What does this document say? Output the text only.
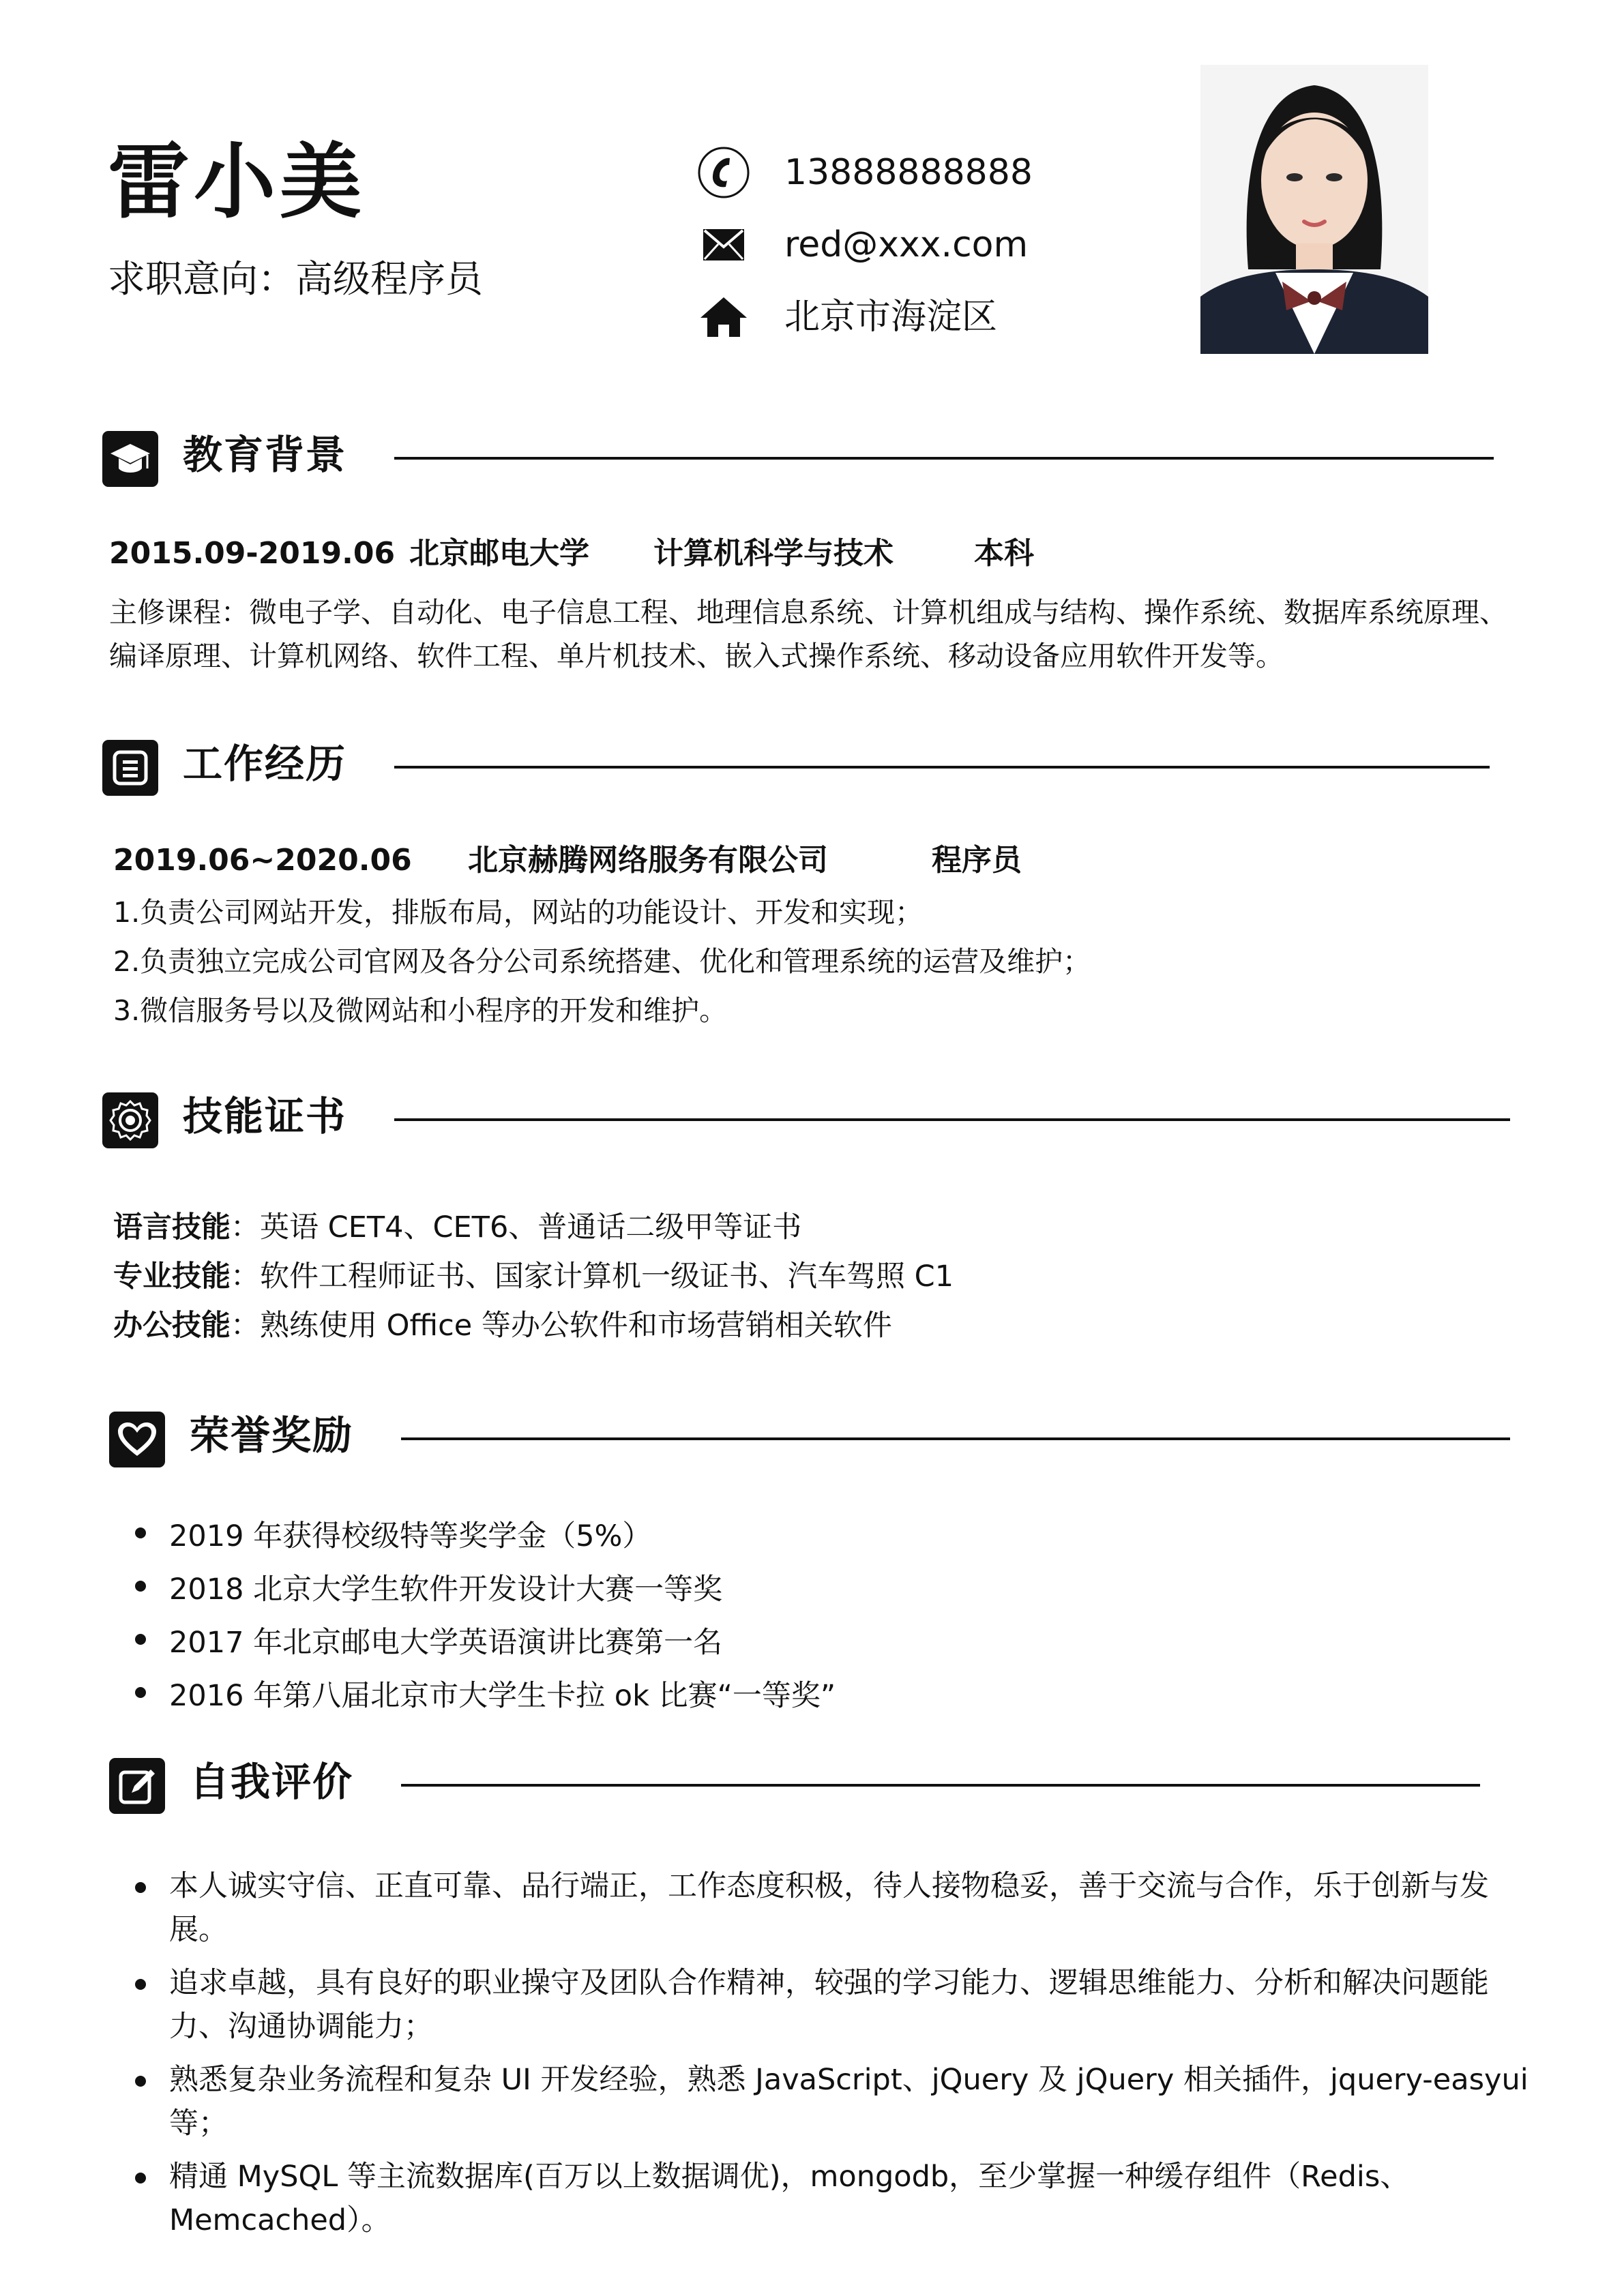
雷小美
求职意向：高级程序员
13888888888
red@xxx.com
北京市海淀区
教育背景
2015.09-2019.06 北京邮电大学	计算机科学与技术	本科
主修课程：微电子学、自动化、电子信息工程、地理信息系统、计算机组成与结构、操作系统、数据库系统原理、
编译原理、计算机网络、软件工程、单片机技术、嵌入式操作系统、移动设备应用软件开发等。
工作经历
2019.06~2020.06	北京赫腾网络服务有限公司	程序员
1.负责公司网站开发，排版布局，网站的功能设计、开发和实现；
2.负责独立完成公司官网及各分公司系统搭建、优化和管理系统的运营及维护；
3.微信服务号以及微网站和小程序的开发和维护。
技能证书
语言技能：英语 CET4、CET6、普通话二级甲等证书
专业技能：软件工程师证书、国家计算机一级证书、汽车驾照 C1
办公技能：熟练使用 Office 等办公软件和市场营销相关软件
荣誉奖励
2019 年获得校级特等奖学金（5%）
2018 北京大学生软件开发设计大赛一等奖
2017 年北京邮电大学英语演讲比赛第一名
2016 年第八届北京市大学生卡拉 ok 比赛“一等奖”
自我评价
本人诚实守信、正直可靠、品行端正，工作态度积极，待人接物稳妥，善于交流与合作，乐于创新与发
展。
追求卓越，具有良好的职业操守及团队合作精神，较强的学习能力、逻辑思维能力、分析和解决问题能
力、沟通协调能力；
熟悉复杂业务流程和复杂 UI 开发经验，熟悉 JavaScript、jQuery 及 jQuery 相关插件，jquery-easyui
等；
精通 MySQL 等主流数据库(百万以上数据调优)，mongodb，至少掌握一种缓存组件（Redis、
Memcached）。
